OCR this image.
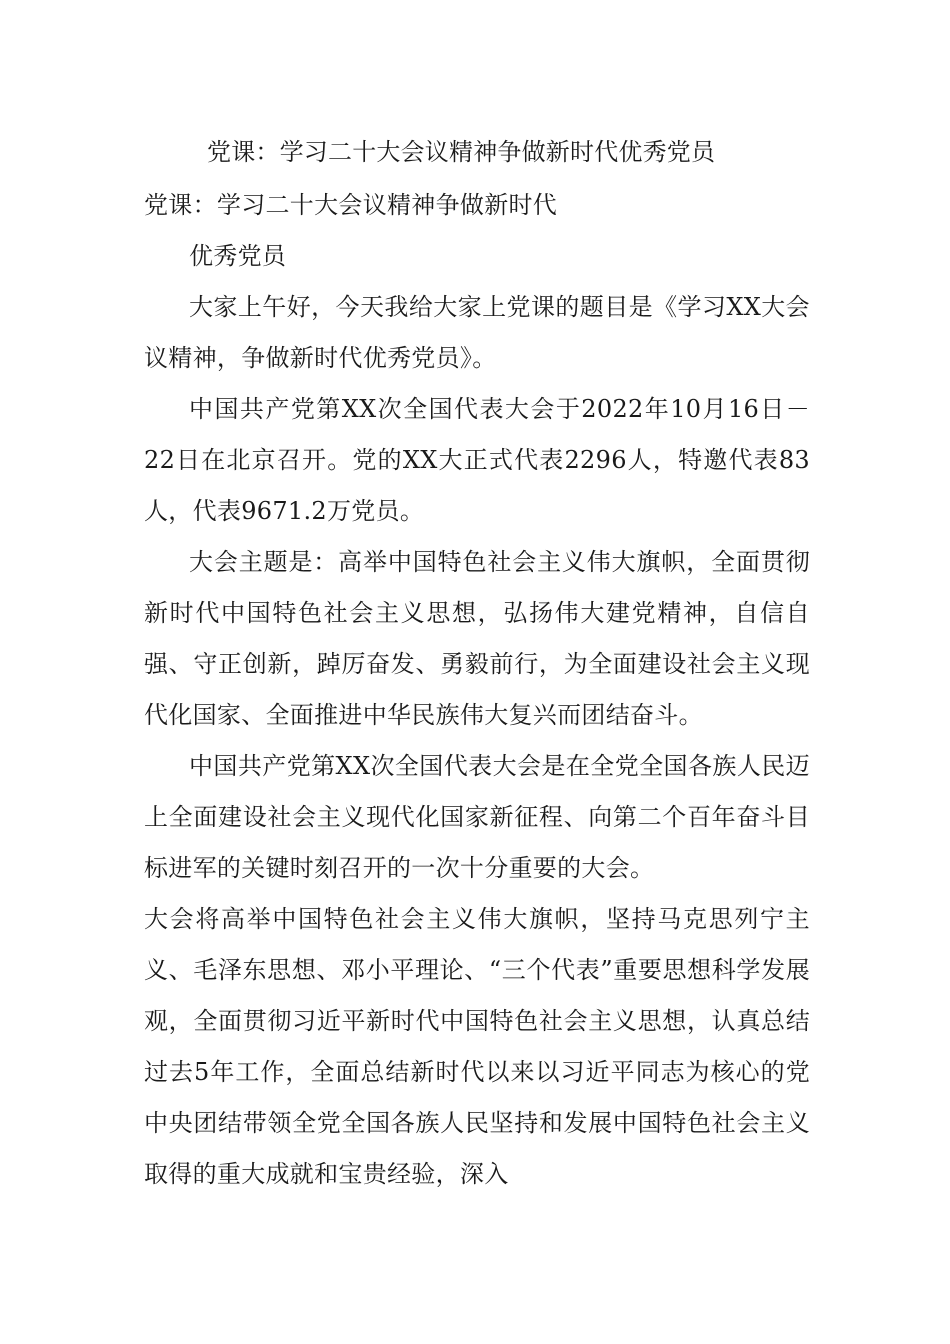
党课：学习二十大会议精神争做新时代优秀党员

党课：学习二十大会议精神争做新时代

优秀党员

大家上午好，今天我给大家上党课的题目是《学习XX大会议精神，争做新时代优秀党员》。

中国共产党第XX次全国代表大会于2022年10月16日－22日在北京召开。党的XX大正式代表2296人，特邀代表83人，代表9671.2万党员。

大会主题是：高举中国特色社会主义伟大旗帜，全面贯彻新时代中国特色社会主义思想，弘扬伟大建党精神，自信自强、守正创新，踔厉奋发、勇毅前行，为全面建设社会主义现代化国家、全面推进中华民族伟大复兴而团结奋斗。

中国共产党第XX次全国代表大会是在全党全国各族人民迈上全面建设社会主义现代化国家新征程、向第二个百年奋斗目标进军的关键时刻召开的一次十分重要的大会。

大会将高举中国特色社会主义伟大旗帜，坚持马克思列宁主义、毛泽东思想、邓小平理论、“三个代表”重要思想科学发展观，全面贯彻习近平新时代中国特色社会主义思想，认真总结过去5年工作，全面总结新时代以来以习近平同志为核心的党中央团结带领全党全国各族人民坚持和发展中国特色社会主义取得的重大成就和宝贵经验，深入
